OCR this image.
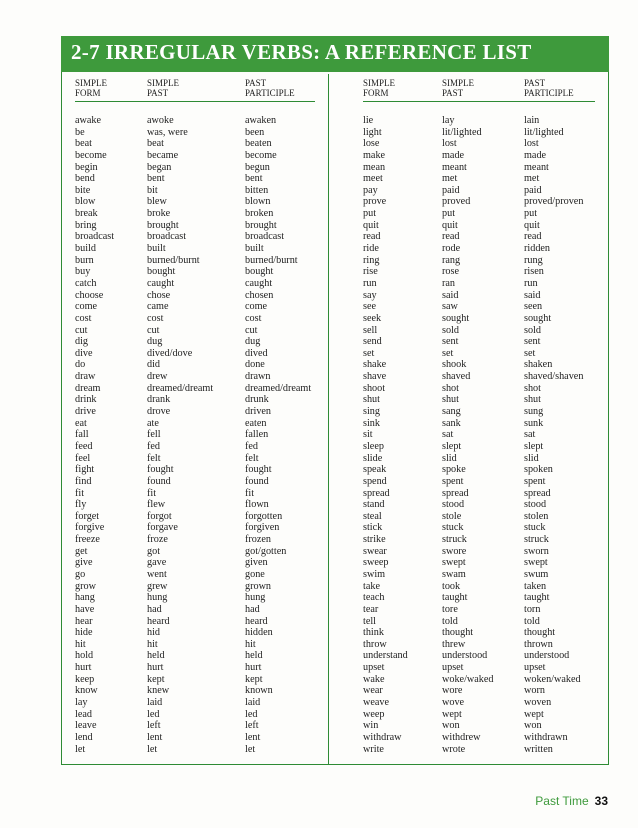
2-7 IRREGULAR VERBS: A REFERENCE LIST
SIMPLE
FORM
SIMPLE
PAST
PAST
PARTICIPLE
SIMPLE
FORM
SIMPLE
PAST
PAST
PARTICIPLE
awake
be
beat
become
begin
bend
bite
blow
break
bring
broadcast
build
burn
buy
catch
choose
come
cost
cut
dig
dive
do
draw
dream
drink
drive
eat
fall
feed
feel
fight
find
fit
fly
forget
forgive
freeze
get
give
go
grow
hang
have
hear
hide
hit
hold
hurt
keep
know
lay
lead
leave
lend
let
awoke
was, were
beat
became
began
bent
bit
blew
broke
brought
broadcast
built
burned/burnt
bought
caught
chose
came
cost
cut
dug
dived/dove
did
drew
dreamed/dreamt
drank
drove
ate
fell
fed
felt
fought
found
fit
flew
forgot
forgave
froze
got
gave
went
grew
hung
had
heard
hid
hit
held
hurt
kept
knew
laid
led
left
lent
let
awaken
been
beaten
become
begun
bent
bitten
blown
broken
brought
broadcast
built
burned/burnt
bought
caught
chosen
come
cost
cut
dug
dived
done
drawn
dreamed/dreamt
drunk
driven
eaten
fallen
fed
felt
fought
found
fit
flown
forgotten
forgiven
frozen
got/gotten
given
gone
grown
hung
had
heard
hidden
hit
held
hurt
kept
known
laid
led
left
lent
let
lie
light
lose
make
mean
meet
pay
prove
put
quit
read
ride
ring
rise
run
say
see
seek
sell
send
set
shake
shave
shoot
shut
sing
sink
sit
sleep
slide
speak
spend
spread
stand
steal
stick
strike
swear
sweep
swim
take
teach
tear
tell
think
throw
understand
upset
wake
wear
weave
weep
win
withdraw
write
lay
lit/lighted
lost
made
meant
met
paid
proved
put
quit
read
rode
rang
rose
ran
said
saw
sought
sold
sent
set
shook
shaved
shot
shut
sang
sank
sat
slept
slid
spoke
spent
spread
stood
stole
stuck
struck
swore
swept
swam
took
taught
tore
told
thought
threw
understood
upset
woke/waked
wore
wove
wept
won
withdrew
wrote
lain
lit/lighted
lost
made
meant
met
paid
proved/proven
put
quit
read
ridden
rung
risen
run
said
seen
sought
sold
sent
set
shaken
shaved/shaven
shot
shut
sung
sunk
sat
slept
slid
spoken
spent
spread
stood
stolen
stuck
struck
sworn
swept
swum
taken
taught
torn
told
thought
thrown
understood
upset
woken/waked
worn
woven
wept
won
withdrawn
written
Past Time 33
